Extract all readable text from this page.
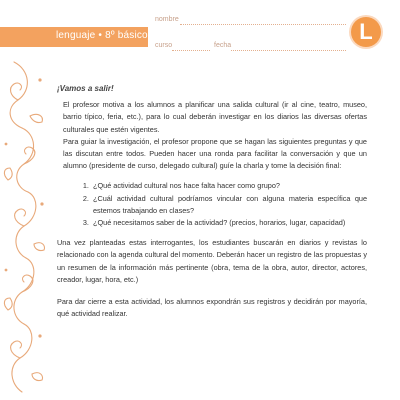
lenguaje • 8º básico
nombre
curso	fecha
L
¡Vamos a salir!

El profesor motiva a los alumnos a planificar una salida cultural (ir al cine, teatro, museo, barrio típico, feria, etc.), para lo cual deberán investigar en los diarios las diversas ofertas culturales que estén vigentes.

Para guiar la investigación, el profesor propone que se hagan las siguientes preguntas y que las discutan entre todos. Pueden hacer una ronda para facilitar la conversación y que un alumno (presidente de curso, delegado cultural) guíe la charla y tome la decisión final:

1. ¿Qué actividad cultural nos hace falta hacer como grupo?
2. ¿Cuál actividad cultural podríamos vincular con alguna materia específica que estemos trabajando en clases?
3. ¿Qué necesitamos saber de la actividad? (precios, horarios, lugar, capacidad)

Una vez planteadas estas interrogantes, los estudiantes buscarán en diarios y revistas lo relacionado con la agenda cultural del momento. Deberán hacer un registro de las propuestas y un resumen de la información más pertinente (obra, tema de la obra, autor, director, actores, creador, lugar, hora, etc.)

Para dar cierre a esta actividad, los alumnos expondrán sus registros y decidirán por mayoría, qué actividad realizar.
